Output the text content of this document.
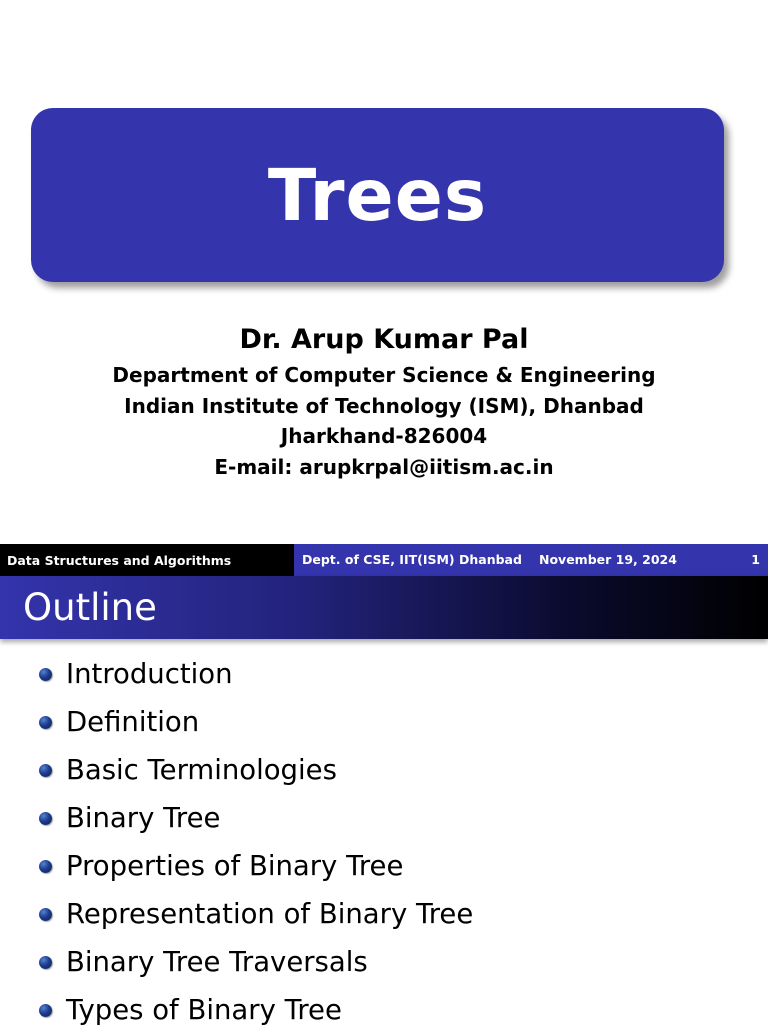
Trees
Dr. Arup Kumar Pal
Department of Computer Science & Engineering
Indian Institute of Technology (ISM), Dhanbad
Jharkhand-826004
E-mail: arupkrpal@iitism.ac.in
Data Structures and Algorithms	Dept. of CSE, IIT(ISM) Dhanbad November 19, 2024	1
Outline
Introduction
Definition
Basic Terminologies
Binary Tree
Properties of Binary Tree
Representation of Binary Tree
Binary Tree Traversals
Types of Binary Tree
